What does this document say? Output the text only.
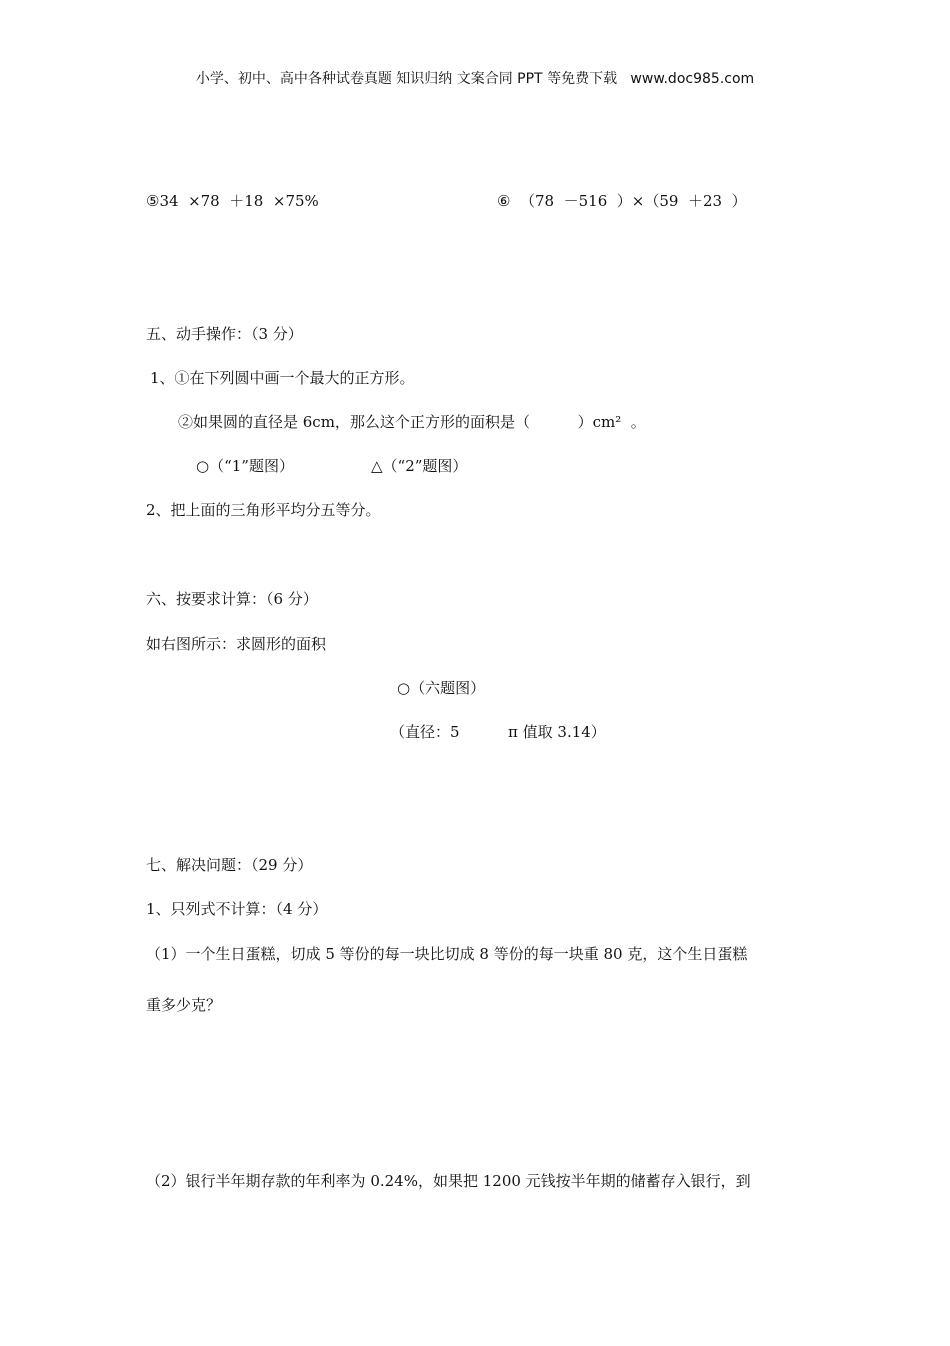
小学、初中、高中各种试卷真题 知识归纳 文案合同 PPT 等免费下载   www.doc985.com
⑤34  ×78  ＋18  ×75%	⑥  （78  －516  ）×（59  ＋23  ）
五、动手操作：（3 分）
1、①在下列圆中画一个最大的正方形。
②如果圆的直径是 6cm，那么这个正方形的面积是（          ）cm²  。
○（“1”题图）	△（“2”题图）
2、把上面的三角形平均分五等分。
六、按要求计算：（6 分）
如右图所示：求圆形的面积
○（六题图）
（直径：5	π 值取 3.14）
七、解决问题：（29 分）
1、只列式不计算：（4 分）
（1）一个生日蛋糕，切成 5 等份的每一块比切成 8 等份的每一块重 80 克，这个生日蛋糕
重多少克？
（2）银行半年期存款的年利率为 0.24%，如果把 1200 元钱按半年期的储蓄存入银行，到
